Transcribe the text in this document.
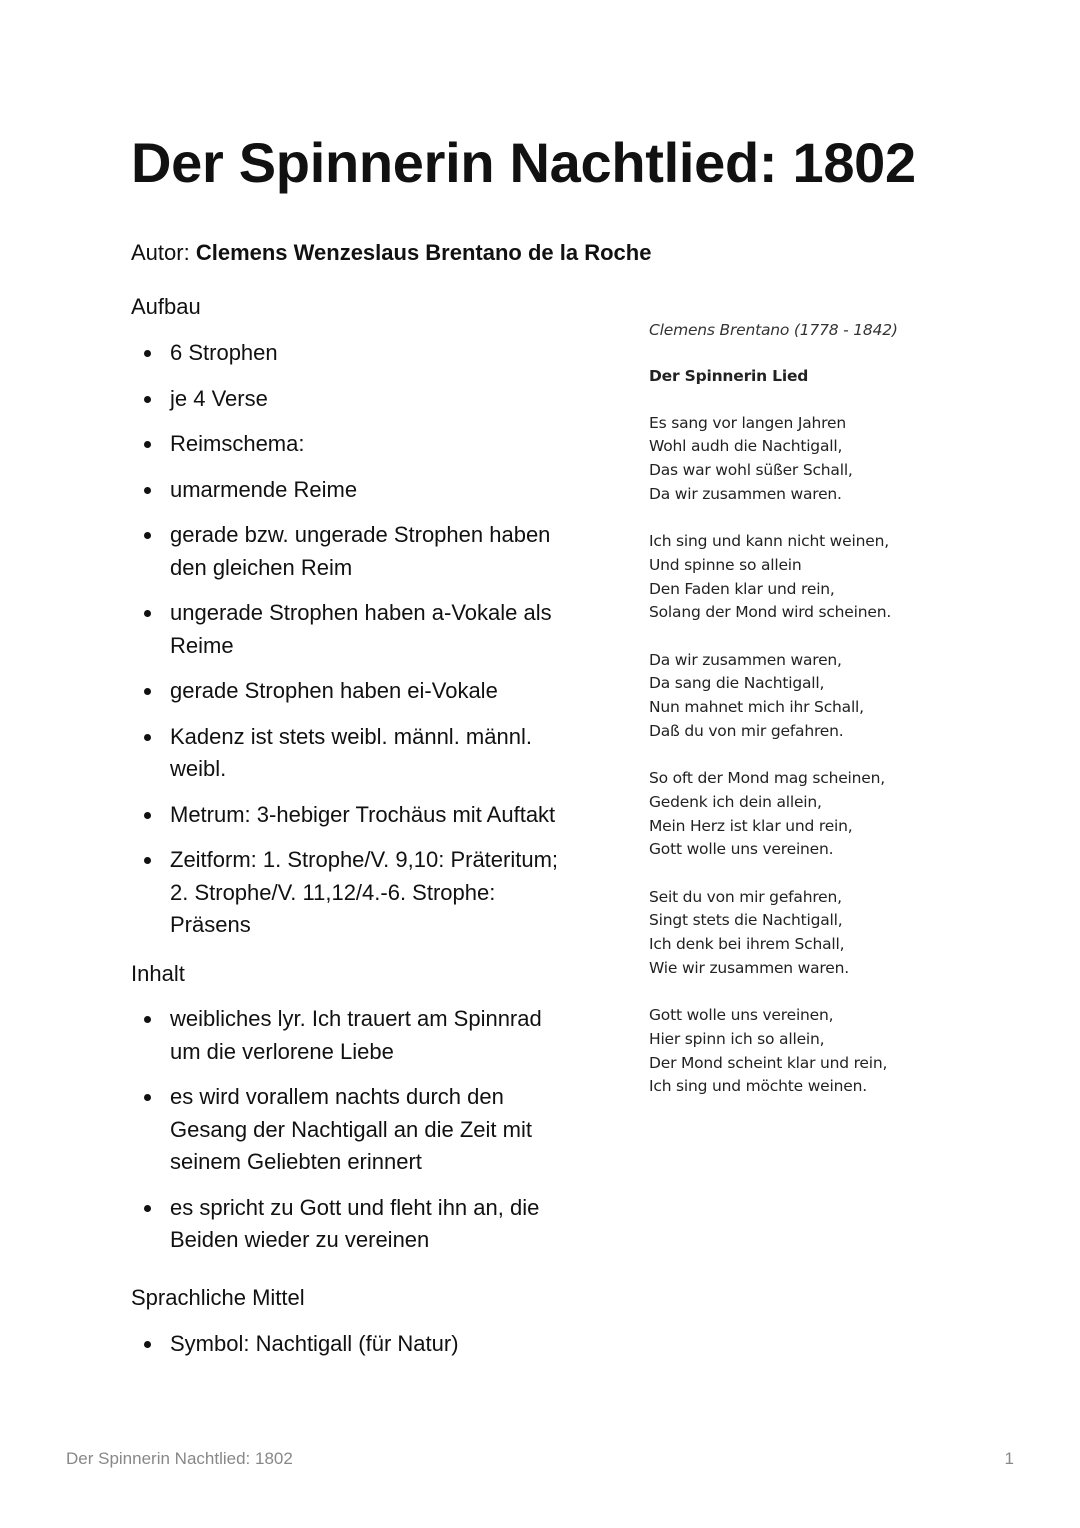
Der Spinnerin Nachtlied: 1802
Autor: Clemens Wenzeslaus Brentano de la Roche
Aufbau
6 Strophen
je 4 Verse
Reimschema:
umarmende Reime
gerade bzw. ungerade Strophen haben den gleichen Reim
ungerade Strophen haben a-Vokale als Reime
gerade Strophen haben ei-Vokale
Kadenz ist stets weibl. männl. männl. weibl.
Metrum: 3-hebiger Trochäus mit Auftakt
Zeitform: 1. Strophe/V. 9,10: Präteritum; 2. Strophe/V. 11,12/4.-6. Strophe: Präsens
Inhalt
weibliches lyr. Ich trauert am Spinnrad um die verlorene Liebe
es wird vorallem nachts durch den Gesang der Nachtigall an die Zeit mit seinem Geliebten erinnert
es spricht zu Gott und fleht ihn an, die Beiden wieder zu vereinen
Sprachliche Mittel
Symbol: Nachtigall (für Natur)
Clemens Brentano (1778 - 1842)
Der Spinnerin Lied
Es sang vor langen Jahren
Wohl audh die Nachtigall,
Das war wohl süßer Schall,
Da wir zusammen waren.
Ich sing und kann nicht weinen,
Und spinne so allein
Den Faden klar und rein,
Solang der Mond wird scheinen.
Da wir zusammen waren,
Da sang die Nachtigall,
Nun mahnet mich ihr Schall,
Daß du von mir gefahren.
So oft der Mond mag scheinen,
Gedenk ich dein allein,
Mein Herz ist klar und rein,
Gott wolle uns vereinen.
Seit du von mir gefahren,
Singt stets die Nachtigall,
Ich denk bei ihrem Schall,
Wie wir zusammen waren.
Gott wolle uns vereinen,
Hier spinn ich so allein,
Der Mond scheint klar und rein,
Ich sing und möchte weinen.
Der Spinnerin Nachtlied: 1802	1
